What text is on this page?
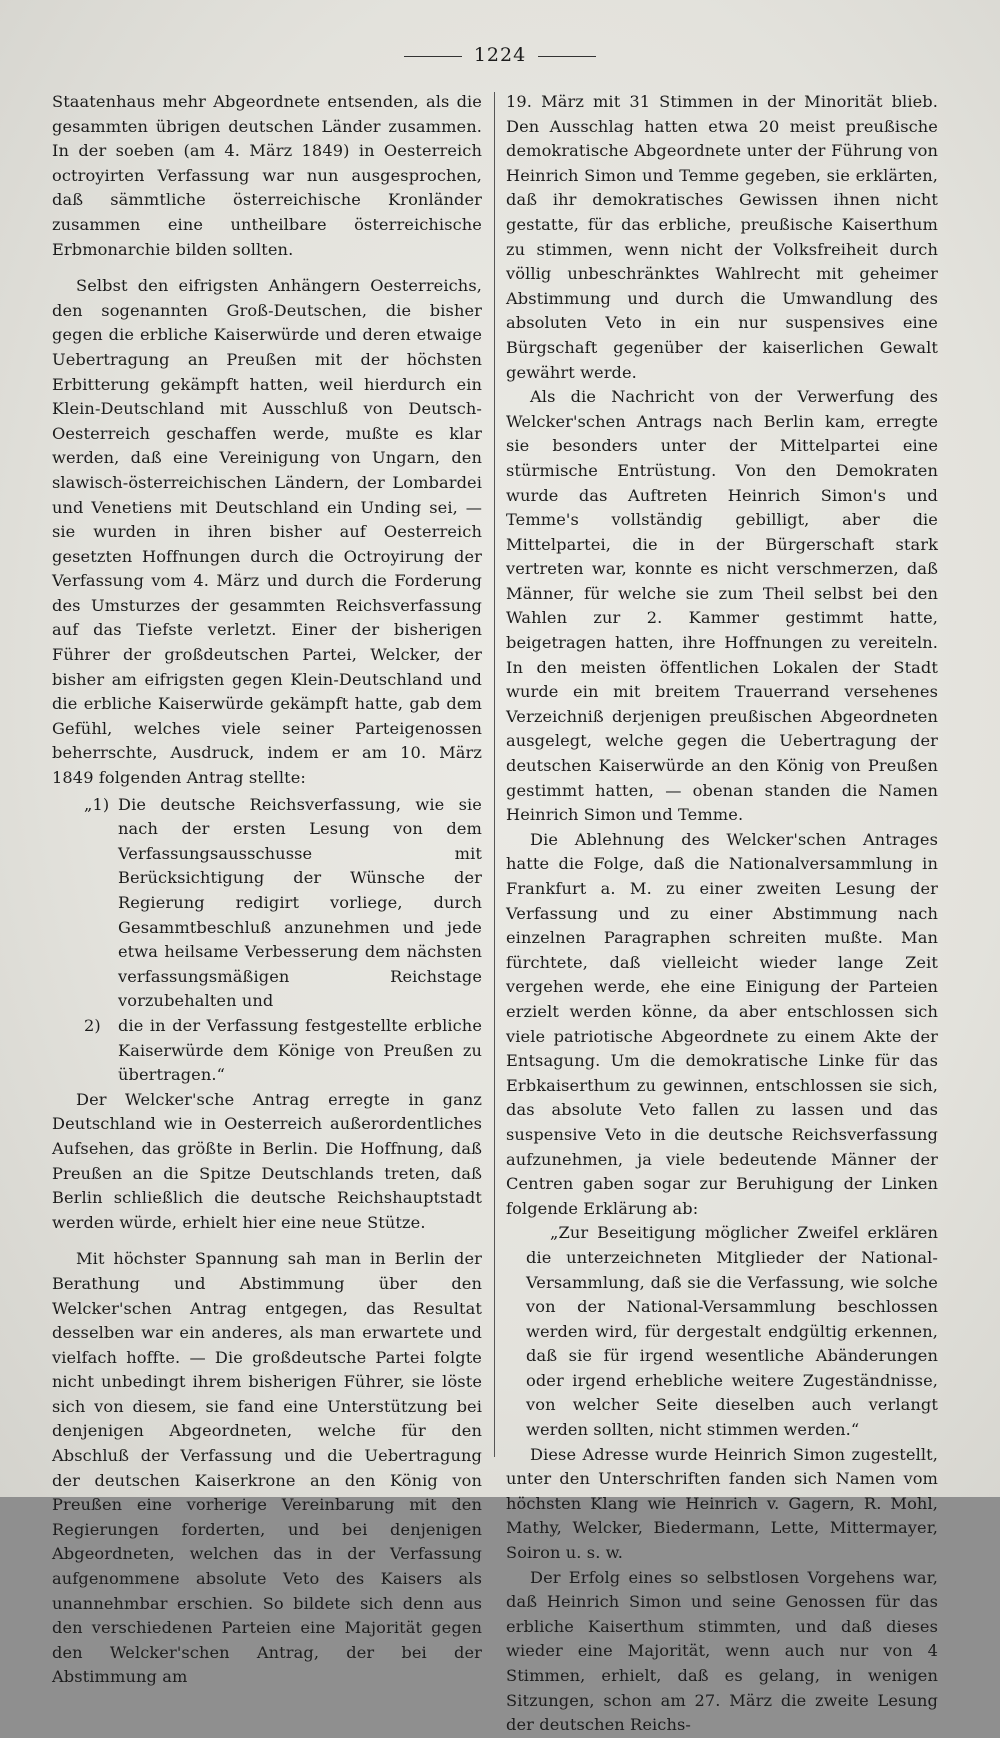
1224

Staatenhaus mehr Abgeordnete entsenden, als die gesammten übrigen deutschen Länder zusammen. In der soeben (am 4. März 1849) in Oesterreich octroyirten Verfassung war nun ausgesprochen, daß sämmtliche österreichische Kronländer zusammen eine untheilbare österreichische Erbmonarchie bilden sollten.

Selbst den eifrigsten Anhängern Oesterreichs, den sogenannten Groß-Deutschen, die bisher gegen die erbliche Kaiserwürde und deren etwaige Uebertragung an Preußen mit der höchsten Erbitterung gekämpft hatten, weil hierdurch ein Klein-Deutschland mit Ausschluß von Deutsch-Oesterreich geschaffen werde, mußte es klar werden, daß eine Vereinigung von Ungarn, den slawisch-österreichischen Ländern, der Lombardei und Venetiens mit Deutschland ein Unding sei, — sie wurden in ihren bisher auf Oesterreich gesetzten Hoffnungen durch die Octroyirung der Verfassung vom 4. März und durch die Forderung des Umsturzes der gesammten Reichsverfassung auf das Tiefste verletzt. Einer der bisherigen Führer der großdeutschen Partei, Welcker, der bisher am eifrigsten gegen Klein-Deutschland und die erbliche Kaiserwürde gekämpft hatte, gab dem Gefühl, welches viele seiner Parteigenossen beherrschte, Ausdruck, indem er am 10. März 1849 folgenden Antrag stellte:

„1) Die deutsche Reichsverfassung, wie sie nach der ersten Lesung von dem Verfassungsausschusse mit Berücksichtigung der Wünsche der Regierung redigirt vorliege, durch Gesammtbeschluß anzunehmen und jede etwa heilsame Verbesserung dem nächsten verfassungsmäßigen Reichstage vorzubehalten und
2) die in der Verfassung festgestellte erbliche Kaiserwürde dem Könige von Preußen zu übertragen.“

Der Welcker'sche Antrag erregte in ganz Deutschland wie in Oesterreich außerordentliches Aufsehen, das größte in Berlin. Die Hoffnung, daß Preußen an die Spitze Deutschlands treten, daß Berlin schließlich die deutsche Reichshauptstadt werden würde, erhielt hier eine neue Stütze.

Mit höchster Spannung sah man in Berlin der Berathung und Abstimmung über den Welcker'schen Antrag entgegen, das Resultat desselben war ein anderes, als man erwartete und vielfach hoffte. — Die großdeutsche Partei folgte nicht unbedingt ihrem bisherigen Führer, sie löste sich von diesem, sie fand eine Unterstützung bei denjenigen Abgeordneten, welche für den Abschluß der Verfassung und die Uebertragung der deutschen Kaiserkrone an den König von Preußen eine vorherige Vereinbarung mit den Regierungen forderten, und bei denjenigen Abgeordneten, welchen das in der Verfassung aufgenommene absolute Veto des Kaisers als unannehmbar erschien. So bildete sich denn aus den verschiedenen Parteien eine Majorität gegen den Welcker'schen Antrag, der bei der Abstimmung am

19. März mit 31 Stimmen in der Minorität blieb. Den Ausschlag hatten etwa 20 meist preußische demokratische Abgeordnete unter der Führung von Heinrich Simon und Temme gegeben, sie erklärten, daß ihr demokratisches Gewissen ihnen nicht gestatte, für das erbliche, preußische Kaiserthum zu stimmen, wenn nicht der Volksfreiheit durch völlig unbeschränktes Wahlrecht mit geheimer Abstimmung und durch die Umwandlung des absoluten Veto in ein nur suspensives eine Bürgschaft gegenüber der kaiserlichen Gewalt gewährt werde.

Als die Nachricht von der Verwerfung des Welcker'schen Antrags nach Berlin kam, erregte sie besonders unter der Mittelpartei eine stürmische Entrüstung. Von den Demokraten wurde das Auftreten Heinrich Simon's und Temme's vollständig gebilligt, aber die Mittelpartei, die in der Bürgerschaft stark vertreten war, konnte es nicht verschmerzen, daß Männer, für welche sie zum Theil selbst bei den Wahlen zur 2. Kammer gestimmt hatte, beigetragen hatten, ihre Hoffnungen zu vereiteln. In den meisten öffentlichen Lokalen der Stadt wurde ein mit breitem Trauerrand versehenes Verzeichniß derjenigen preußischen Abgeordneten ausgelegt, welche gegen die Uebertragung der deutschen Kaiserwürde an den König von Preußen gestimmt hatten, — obenan standen die Namen Heinrich Simon und Temme.

Die Ablehnung des Welcker'schen Antrages hatte die Folge, daß die Nationalversammlung in Frankfurt a. M. zu einer zweiten Lesung der Verfassung und zu einer Abstimmung nach einzelnen Paragraphen schreiten mußte. Man fürchtete, daß vielleicht wieder lange Zeit vergehen werde, ehe eine Einigung der Parteien erzielt werden könne, da aber entschlossen sich viele patriotische Abgeordnete zu einem Akte der Entsagung. Um die demokratische Linke für das Erbkaiserthum zu gewinnen, entschlossen sie sich, das absolute Veto fallen zu lassen und das suspensive Veto in die deutsche Reichsverfassung aufzunehmen, ja viele bedeutende Männer der Centren gaben sogar zur Beruhigung der Linken folgende Erklärung ab:

„Zur Beseitigung möglicher Zweifel erklären die unterzeichneten Mitglieder der National-Versammlung, daß sie die Verfassung, wie solche von der National-Versammlung beschlossen werden wird, für dergestalt endgültig erkennen, daß sie für irgend wesentliche Abänderungen oder irgend erhebliche weitere Zugeständnisse, von welcher Seite dieselben auch verlangt werden sollten, nicht stimmen werden.“

Diese Adresse wurde Heinrich Simon zugestellt, unter den Unterschriften fanden sich Namen vom höchsten Klang wie Heinrich v. Gagern, R. Mohl, Mathy, Welcker, Biedermann, Lette, Mittermayer, Soiron u. s. w.

Der Erfolg eines so selbstlosen Vorgehens war, daß Heinrich Simon und seine Genossen für das erbliche Kaiserthum stimmten, und daß dieses wieder eine Majorität, wenn auch nur von 4 Stimmen, erhielt, daß es gelang, in wenigen Sitzungen, schon am 27. März die zweite Lesung der deutschen Reichs-
